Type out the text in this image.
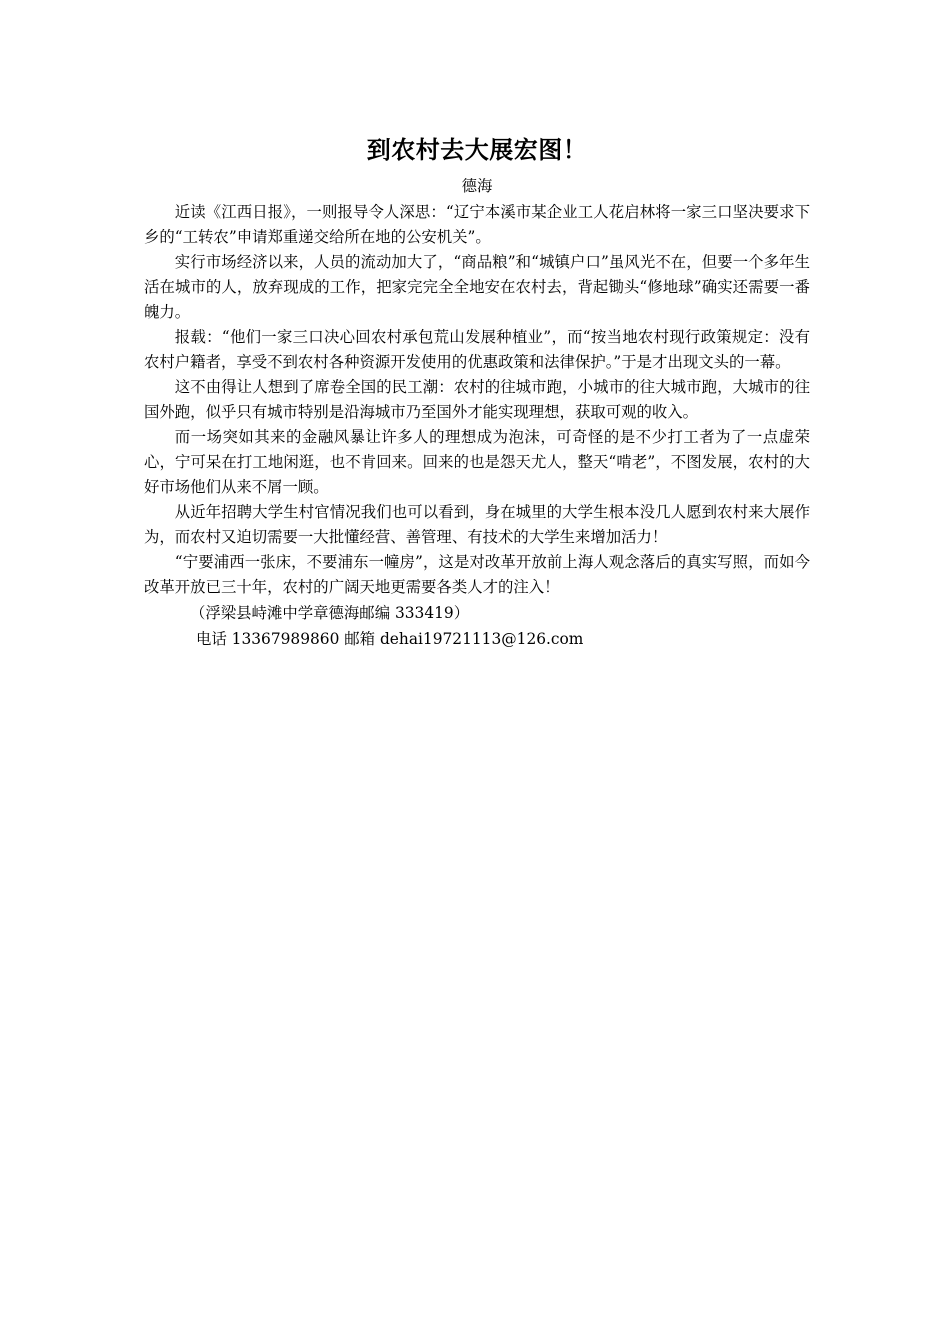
到农村去大展宏图！

德海

近读《江西日报》，一则报导令人深思：“辽宁本溪市某企业工人花启林将一家三口坚决要求下乡的“工转农”申请郑重递交给所在地的公安机关”。

实行市场经济以来，人员的流动加大了，“商品粮”和“城镇户口”虽风光不在，但要一个多年生活在城市的人，放弃现成的工作，把家完完全全地安在农村去，背起锄头“修地球”确实还需要一番魄力。

报载：“他们一家三口决心回农村承包荒山发展种植业”，而“按当地农村现行政策规定：没有农村户籍者，享受不到农村各种资源开发使用的优惠政策和法律保护。”于是才出现文头的一幕。

这不由得让人想到了席卷全国的民工潮：农村的往城市跑，小城市的往大城市跑，大城市的往国外跑，似乎只有城市特别是沿海城市乃至国外才能实现理想，获取可观的收入。

而一场突如其来的金融风暴让许多人的理想成为泡沫，可奇怪的是不少打工者为了一点虚荣心，宁可呆在打工地闲逛，也不肯回来。回来的也是怨天尤人，整天“啃老”，不图发展，农村的大好市场他们从来不屑一顾。

从近年招聘大学生村官情况我们也可以看到，身在城里的大学生根本没几人愿到农村来大展作为，而农村又迫切需要一大批懂经营、善管理、有技术的大学生来增加活力！

“宁要浦西一张床，不要浦东一幢房”，这是对改革开放前上海人观念落后的真实写照，而如今改革开放已三十年，农村的广阔天地更需要各类人才的注入！

（浮梁县峙滩中学章德海邮编 333419）

电话 13367989860 邮箱 dehai19721113@126.com
